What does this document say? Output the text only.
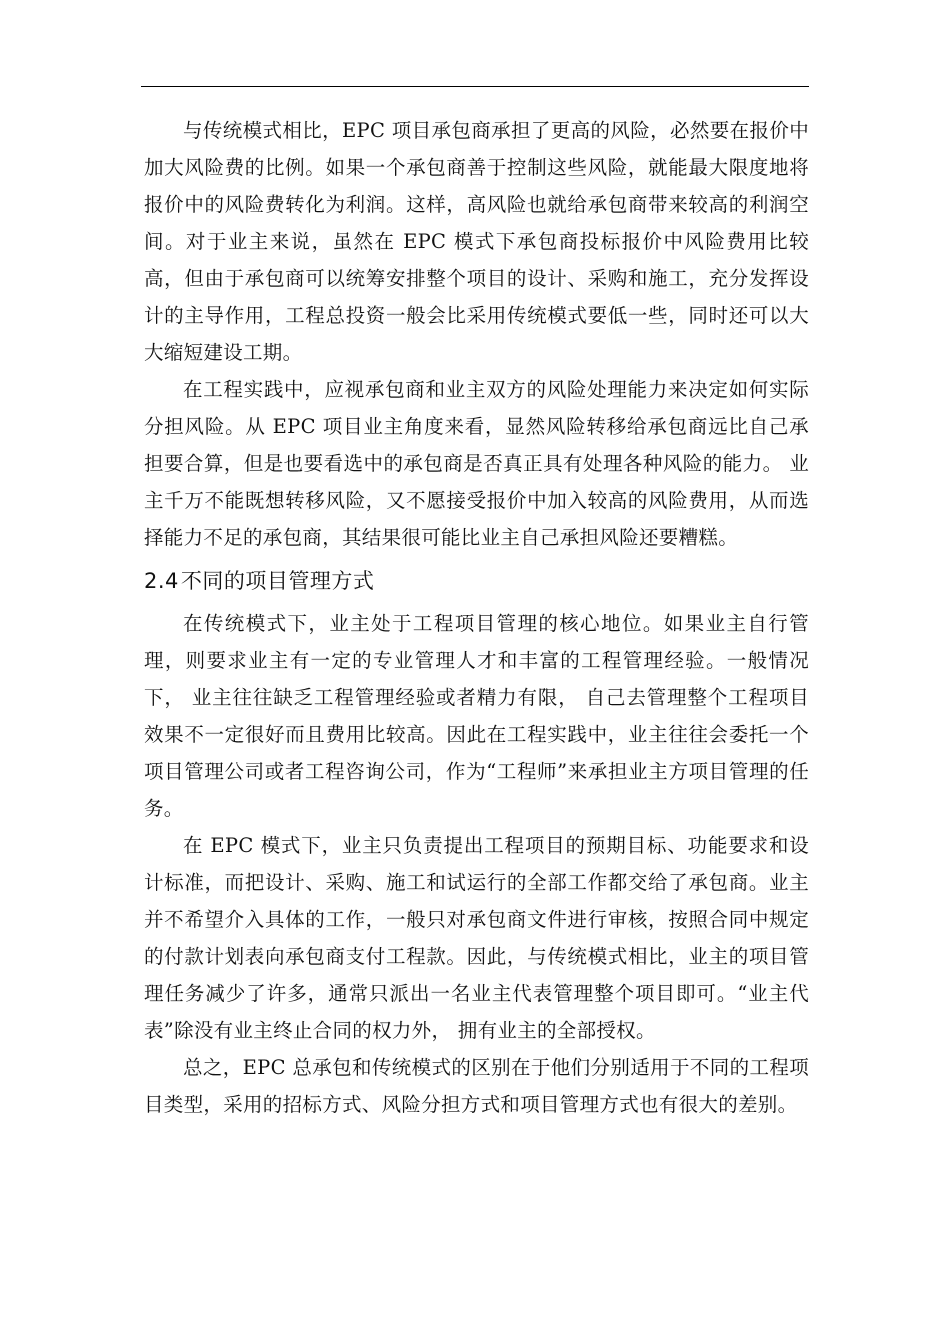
与传统模式相比，EPC 项目承包商承担了更高的风险，必然要在报价中加大风险费的比例。如果一个承包商善于控制这些风险，就能最大限度地将报价中的风险费转化为利润。这样，高风险也就给承包商带来较高的利润空间。对于业主来说，虽然在 EPC 模式下承包商投标报价中风险费用比较高，但由于承包商可以统筹安排整个项目的设计、采购和施工，充分发挥设计的主导作用，工程总投资一般会比采用传统模式要低一些，同时还可以大大缩短建设工期。

在工程实践中，应视承包商和业主双方的风险处理能力来决定如何实际分担风险。从 EPC 项目业主角度来看，显然风险转移给承包商远比自己承担要合算，但是也要看选中的承包商是否真正具有处理各种风险的能力。 业主千万不能既想转移风险，又不愿接受报价中加入较高的风险费用，从而选择能力不足的承包商，其结果很可能比业主自己承担风险还要糟糕。

2.4不同的项目管理方式

在传统模式下，业主处于工程项目管理的核心地位。如果业主自行管理，则要求业主有一定的专业管理人才和丰富的工程管理经验。一般情况下， 业主往往缺乏工程管理经验或者精力有限， 自己去管理整个工程项目效果不一定很好而且费用比较高。因此在工程实践中，业主往往会委托一个项目管理公司或者工程咨询公司，作为“工程师”来承担业主方项目管理的任务。

在 EPC 模式下，业主只负责提出工程项目的预期目标、功能要求和设计标准，而把设计、采购、施工和试运行的全部工作都交给了承包商。业主并不希望介入具体的工作，一般只对承包商文件进行审核，按照合同中规定的付款计划表向承包商支付工程款。因此，与传统模式相比，业主的项目管理任务减少了许多，通常只派出一名业主代表管理整个项目即可。“业主代表”除没有业主终止合同的权力外， 拥有业主的全部授权。

总之，EPC 总承包和传统模式的区别在于他们分别适用于不同的工程项目类型，采用的招标方式、风险分担方式和项目管理方式也有很大的差别。
